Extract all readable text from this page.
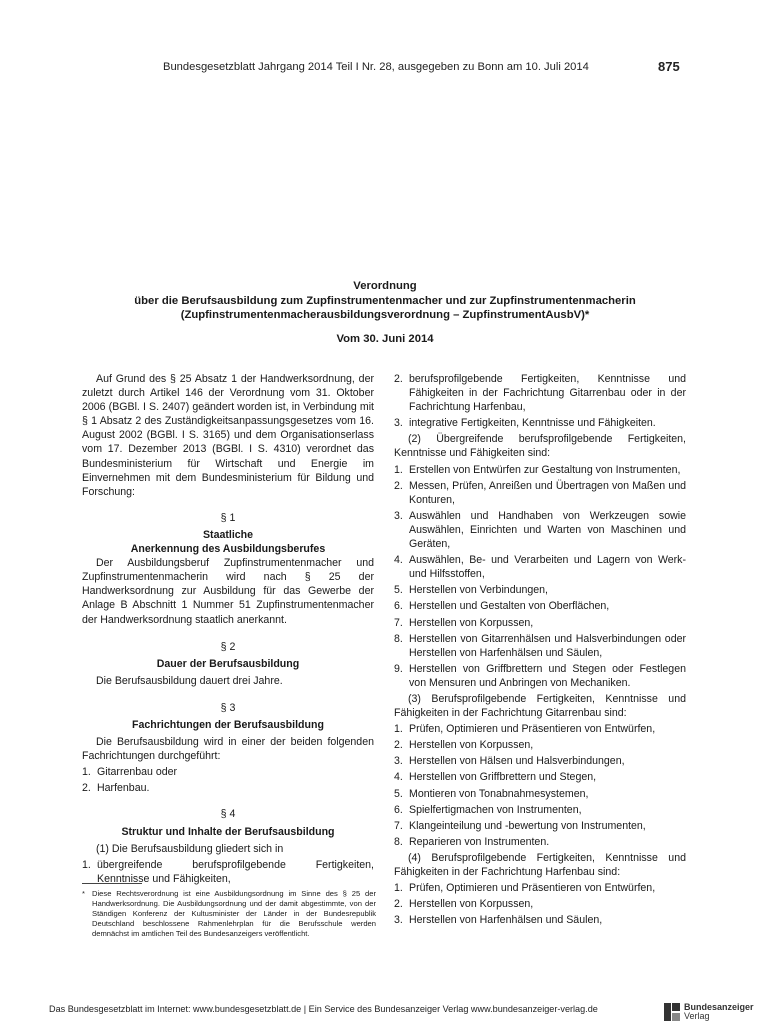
Bundesgesetzblatt Jahrgang 2014 Teil I Nr. 28, ausgegeben zu Bonn am 10. Juli 2014	875
Verordnung
über die Berufsausbildung zum Zupfinstrumentenmacher und zur Zupfinstrumentenmacherin
(Zupfinstrumentenmacherausbildungsverordnung – ZupfinstrumentAusbV)*
Vom 30. Juni 2014

Auf Grund des § 25 Absatz 1 der Handwerksordnung, der zuletzt durch Artikel 146 der Verordnung vom 31. Oktober 2006 (BGBl. I S. 2407) geändert worden ist, in Verbindung mit § 1 Absatz 2 des Zuständigkeitsanpassungsgesetzes vom 16. August 2002 (BGBl. I S. 3165) und dem Organisationserlass vom 17. Dezember 2013 (BGBl. I S. 4310) verordnet das Bundesministerium für Wirtschaft und Energie im Einvernehmen mit dem Bundesministerium für Bildung und Forschung:

§ 1

Staatliche

Anerkennung des Ausbildungsberufes

Der Ausbildungsberuf Zupfinstrumentenmacher und Zupfinstrumentenmacherin wird nach § 25 der Handwerksordnung zur Ausbildung für das Gewerbe der Anlage B Abschnitt 1 Nummer 51 Zupfinstrumentenmacher der Handwerksordnung staatlich anerkannt.

§ 2

Dauer der Berufsausbildung

Die Berufsausbildung dauert drei Jahre.

§ 3

Fachrichtungen der Berufsausbildung

Die Berufsausbildung wird in einer der beiden folgenden Fachrichtungen durchgeführt:

1. Gitarrenbau oder
2. Harfenbau.

§ 4

Struktur und Inhalte der Berufsausbildung

(1) Die Berufsausbildung gliedert sich in

1. übergreifende berufsprofilgebende Fertigkeiten, Kenntnisse und Fähigkeiten,
* Diese Rechtsverordnung ist eine Ausbildungsordnung im Sinne des § 25 der Handwerksordnung. Die Ausbildungsordnung und der damit abgestimmte, von der Ständigen Konferenz der Kultusminister der Länder in der Bundesrepublik Deutschland beschlossene Rahmenlehrplan für die Berufsschule werden demnächst im amtlichen Teil des Bundesanzeigers veröffentlicht.
2. berufsprofilgebende Fertigkeiten, Kenntnisse und Fähigkeiten in der Fachrichtung Gitarrenbau oder in der Fachrichtung Harfenbau,
3. integrative Fertigkeiten, Kenntnisse und Fähigkeiten.

(2) Übergreifende berufsprofilgebende Fertigkeiten, Kenntnisse und Fähigkeiten sind:

1. Erstellen von Entwürfen zur Gestaltung von Instrumenten,
2. Messen, Prüfen, Anreißen und Übertragen von Maßen und Konturen,
3. Auswählen und Handhaben von Werkzeugen sowie Auswählen, Einrichten und Warten von Maschinen und Geräten,
4. Auswählen, Be- und Verarbeiten und Lagern von Werk- und Hilfsstoffen,
5. Herstellen von Verbindungen,
6. Herstellen und Gestalten von Oberflächen,
7. Herstellen von Korpussen,
8. Herstellen von Gitarrenhälsen und Halsverbindungen oder Herstellen von Harfenhälsen und Säulen,
9. Herstellen von Griffbrettern und Stegen oder Festlegen von Mensuren und Anbringen von Mechaniken.

(3) Berufsprofilgebende Fertigkeiten, Kenntnisse und Fähigkeiten in der Fachrichtung Gitarrenbau sind:

1. Prüfen, Optimieren und Präsentieren von Entwürfen,
2. Herstellen von Korpussen,
3. Herstellen von Hälsen und Halsverbindungen,
4. Herstellen von Griffbrettern und Stegen,
5. Montieren von Tonabnahmesystemen,
6. Spielfertigmachen von Instrumenten,
7. Klangeinteilung und -bewertung von Instrumenten,
8. Reparieren von Instrumenten.

(4) Berufsprofilgebende Fertigkeiten, Kenntnisse und Fähigkeiten in der Fachrichtung Harfenbau sind:

1. Prüfen, Optimieren und Präsentieren von Entwürfen,
2. Herstellen von Korpussen,
3. Herstellen von Harfenhälsen und Säulen,
Das Bundesgesetzblatt im Internet: www.bundesgesetzblatt.de | Ein Service des Bundesanzeiger Verlag www.bundesanzeiger-verlag.de	Bundesanzeiger
Verlag
